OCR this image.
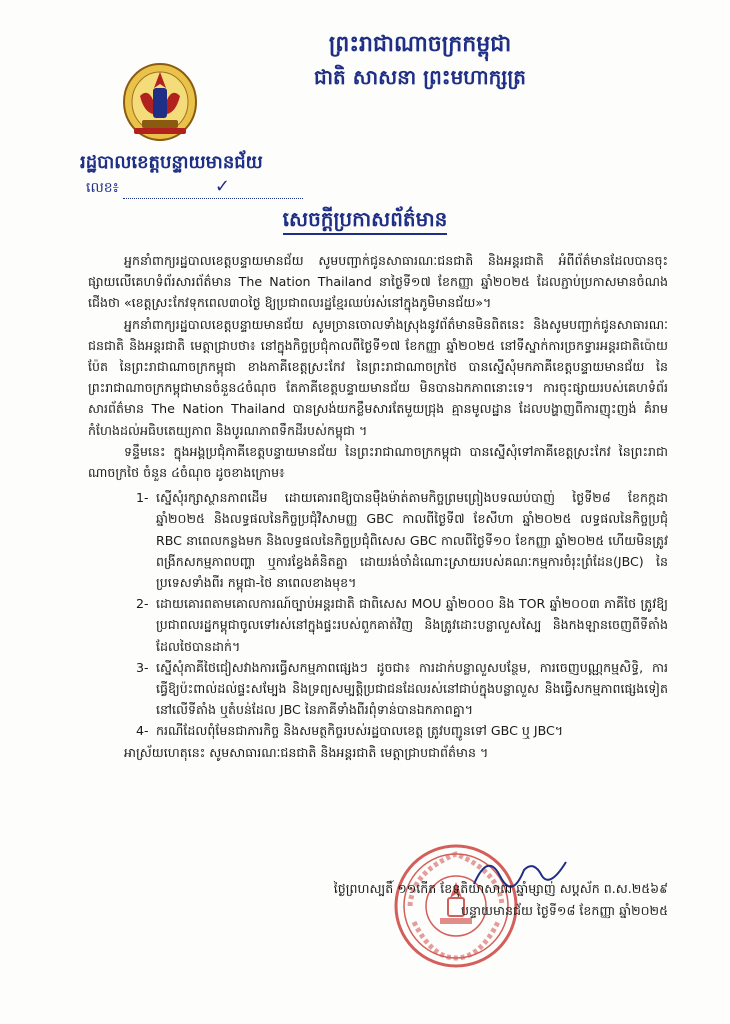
ព្រះរាជាណាចក្រកម្ពុជា
ជាតិ សាសនា ព្រះមហាក្សត្រ
រដ្ឋបាលខេត្តបន្ទាយមានជ័យ
លេខ៖	✓
សេចក្ដីប្រកាសព័ត៌មាន

អ្នកនាំពាក្យរដ្ឋបាលខេត្តបន្ទាយមានជ័យ សូមបញ្ជាក់ជូនសាធារណៈជនជាតិ និងអន្តរជាតិ អំពីព័ត៌មានដែលបានចុះផ្សាយលើគេហទំព័រសារព័ត៌មាន The Nation Thailand នាថ្ងៃទី១៧ ខែកញ្ញា ឆ្នាំ២០២៥ ដែលភ្ជាប់ប្រកាសមានចំណងជើងថា «ខេត្តស្រះកែវទុកពេល៣០ថ្ងៃ ឱ្យប្រជាពលរដ្ឋខ្មែរឈប់រស់នៅក្នុងភូមិមានជ័យ»។

អ្នកនាំពាក្យរដ្ឋបាលខេត្តបន្ទាយមានជ័យ សូមច្រានចោលទាំងស្រុងនូវព័ត៌មានមិនពិតនេះ និងសូមបញ្ជាក់ជូនសាធារណៈជនជាតិ និងអន្តរជាតិ មេត្តាជ្រាបថា៖ នៅក្នុងកិច្ចប្រជុំកាលពីថ្ងៃទី១៧ ខែកញ្ញា ឆ្នាំ២០២៥ នៅទីស្នាក់ការច្រកទ្វារអន្តរជាតិប៉ោយប៉ែត នៃព្រះរាជាណាចក្រកម្ពុជា ខាងភាគីខេត្តស្រះកែវ នៃព្រះរាជាណាចក្រថៃ បានស្នើសុំមកភាគីខេត្តបន្ទាយមានជ័យ នៃព្រះរាជាណាចក្រកម្ពុជាមានចំនួន៤ចំណុច តែភាគីខេត្តបន្ទាយមានជ័យ មិនបានឯកភាពនោះទេ។ ការចុះផ្សាយរបស់គេហទំព័រសារព័ត៌មាន The Nation Thailand បានស្រង់យកខ្លឹមសារតែមួយជ្រុង គ្មានមូលដ្ឋាន ដែលបង្ហាញពីការញុះញង់ គំរាមកំហែងដល់អធិបតេយ្យភាព និងបូរណភាពទឹកដីរបស់កម្ពុជា ។

ទន្ទឹមនេះ ក្នុងអង្គប្រជុំភាគីខេត្តបន្ទាយមានជ័យ នៃព្រះរាជាណាចក្រកម្ពុជា បានស្នើសុំទៅភាគីខេត្តស្រះកែវ នៃព្រះរាជាណាចក្រថៃ ចំនួន ៤ចំណុច ដូចខាងក្រោម៖

1- ស្នើសុំរក្សាស្ថានភាពដើម ដោយគោរពឱ្យបានម៉ឺងម៉ាត់តាមកិច្ចព្រមព្រៀងបទឈប់បាញ់ ថ្ងៃទី២៨ ខែកក្កដា ឆ្នាំ២០២៥ និងលទ្ធផលនៃកិច្ចប្រជុំវិសាមញ្ញ GBC កាលពីថ្ងៃទី៧ ខែសីហា ឆ្នាំ២០២៥ លទ្ធផលនៃកិច្ចប្រជុំ RBC នាពេលកន្លងមក និងលទ្ធផលនៃកិច្ចប្រជុំពិសេស GBC កាលពីថ្ងៃទី១០ ខែកញ្ញា ឆ្នាំ២០២៥ ហើយមិនត្រូវពង្រីកសកម្មភាពបញ្ហា ឬការខ្វែងគំនិតគ្នា ដោយរង់ចាំដំណោះស្រាយរបស់គណៈកម្មការចំរុះព្រំដែន(JBC) នៃប្រទេសទាំងពីរ កម្ពុជា-ថៃ នាពេលខាងមុខ។
2- ដោយគោរពតាមគោលការណ៍ច្បាប់អន្តរជាតិ ជាពិសេស MOU ឆ្នាំ២០០០ និង TOR ឆ្នាំ២០០៣ ភាគីថៃ ត្រូវឱ្យប្រជាពលរដ្ឋកម្ពុជាចូលទៅរស់នៅក្នុងផ្ទះរបស់ពួកគាត់វិញ និងត្រូវដោះបន្លាលួសស្បៃ និងកងឡានចេញពីទីតាំងដែលថៃបានដាក់។
3- ស្នើសុំភាគីថៃជៀសវាងការធ្វើសកម្មភាពផ្សេងៗ ដូចជា៖ ការដាក់បន្លាលួសបន្ថែម, ការចេញបណ្ណកម្មសិទ្ធិ, ការធ្វើឱ្យប៉ះពាល់ដល់ផ្ទះសម្បែង និងទ្រព្យសម្បត្តិប្រជាជនដែលរស់នៅជាប់ក្នុងបន្លាលួស និងធ្វើសកម្មភាពផ្សេងទៀតនៅលើទីតាំង ឬតំបន់ដែល JBC នៃភាគីទាំងពីរពុំទាន់បានឯកភាពគ្នា។
4- ករណីដែលពុំមែនជាភារកិច្ច និងសមត្ថកិច្ចរបស់រដ្ឋបាលខេត្ត ត្រូវបញ្ជូនទៅ GBC ឬ JBC។

អាស្រ័យហេតុនេះ សូមសាធារណៈជនជាតិ និងអន្តរជាតិ មេត្តាជ្រាបជាព័ត៌មាន ។

ថ្ងៃព្រហស្បតិ៍ ១១កើត ខែទុតិយាសាឍ ឆ្នាំម្សាញ់ សប្តស័ក ព.ស.២៥៦៩
បន្ទាយមានជ័យ ថ្ងៃទី១៨ ខែកញ្ញា ឆ្នាំ២០២៥
